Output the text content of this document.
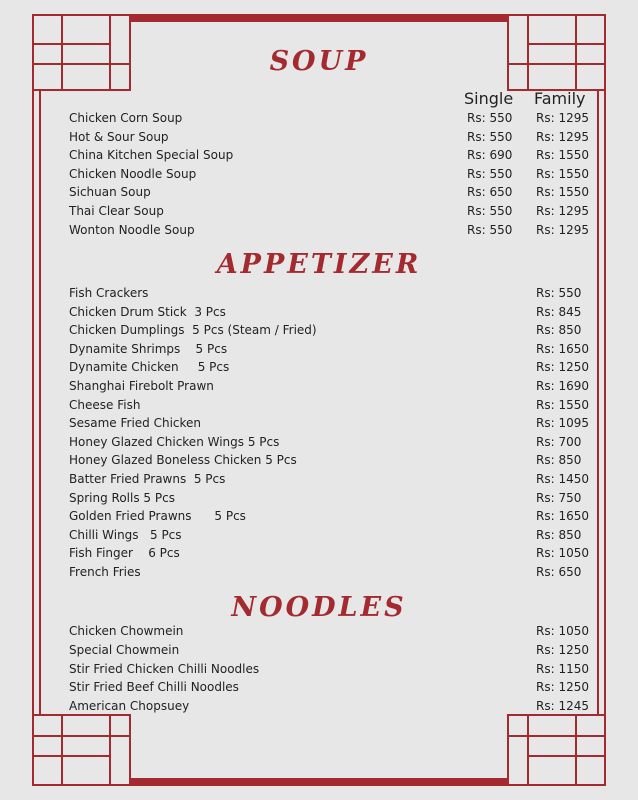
SOUP
Single Family
Chicken Corn Soup	Rs: 550 Rs: 1295
Hot & Sour Soup	Rs: 550 Rs: 1295
China Kitchen Special Soup	Rs: 690 Rs: 1550
Chicken Noodle Soup	Rs: 550 Rs: 1550
Sichuan Soup	Rs: 650 Rs: 1550
Thai Clear Soup	Rs: 550 Rs: 1295
Wonton Noodle Soup	Rs: 550 Rs: 1295
APPETIZER
Fish Crackers	Rs: 550
Chicken Drum Stick  3 Pcs	Rs: 845
Chicken Dumplings  5 Pcs (Steam / Fried)	Rs: 850
Dynamite Shrimps    5 Pcs	Rs: 1650
Dynamite Chicken     5 Pcs	Rs: 1250
Shanghai Firebolt Prawn	Rs: 1690
Cheese Fish	Rs: 1550
Sesame Fried Chicken	Rs: 1095
Honey Glazed Chicken Wings 5 Pcs	Rs: 700
Honey Glazed Boneless Chicken 5 Pcs	Rs: 850
Batter Fried Prawns  5 Pcs	Rs: 1450
Spring Rolls 5 Pcs	Rs: 750
Golden Fried Prawns      5 Pcs	Rs: 1650
Chilli Wings   5 Pcs	Rs: 850
Fish Finger    6 Pcs	Rs: 1050
French Fries	Rs: 650
NOODLES
Chicken Chowmein	Rs: 1050
Special Chowmein	Rs: 1250
Stir Fried Chicken Chilli Noodles	Rs: 1150
Stir Fried Beef Chilli Noodles	Rs: 1250
American Chopsuey	Rs: 1245
